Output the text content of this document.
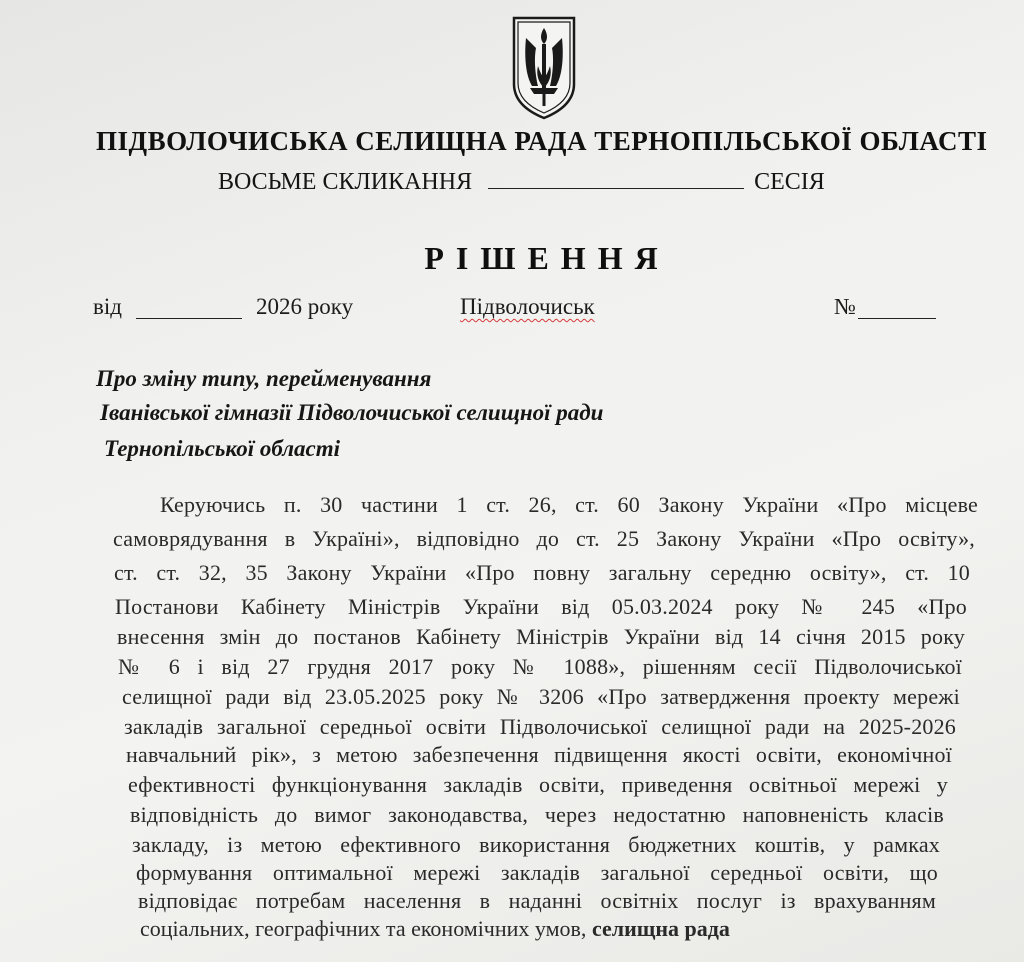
ПІДВОЛОЧИСЬКА СЕЛИЩНА РАДА ТЕРНОПІЛЬСЬКОЇ ОБЛАСТІ
ВОСЬМЕ СКЛИКАННЯ	СЕСІЯ
РІШЕННЯ
від	2026 року	Підволочиськ	№
Про зміну типу, перейменування
Іванівської гімназії Підволочиської селищної ради
Тернопільської області
Керуючись п. 30 частини 1 ст. 26, ст. 60 Закону України «Про місцеве
самоврядування в Україні», відповідно до ст. 25 Закону України «Про освіту»,
ст. ст. 32, 35 Закону України «Про повну загальну середню освіту», ст. 10
Постанови Кабінету Міністрів України від 05.03.2024 року № 245 «Про
внесення змін до постанов Кабінету Міністрів України від 14 січня 2015 року
№ 6 і від 27 грудня 2017 року № 1088», рішенням сесії Підволочиської
селищної ради від 23.05.2025 року № 3206 «Про затвердження проекту мережі
закладів загальної середньої освіти Підволочиської селищної ради на 2025-2026
навчальний рік», з метою забезпечення підвищення якості освіти, економічної
ефективності функціонування закладів освіти, приведення освітньої мережі у
відповідність до вимог законодавства, через недостатню наповненість класів
закладу, із метою ефективного використання бюджетних коштів, у рамках
формування оптимальної мережі закладів загальної середньої освіти, що
відповідає потребам населення в наданні освітніх послуг із врахуванням
соціальних, географічних та економічних умов, селищна рада
